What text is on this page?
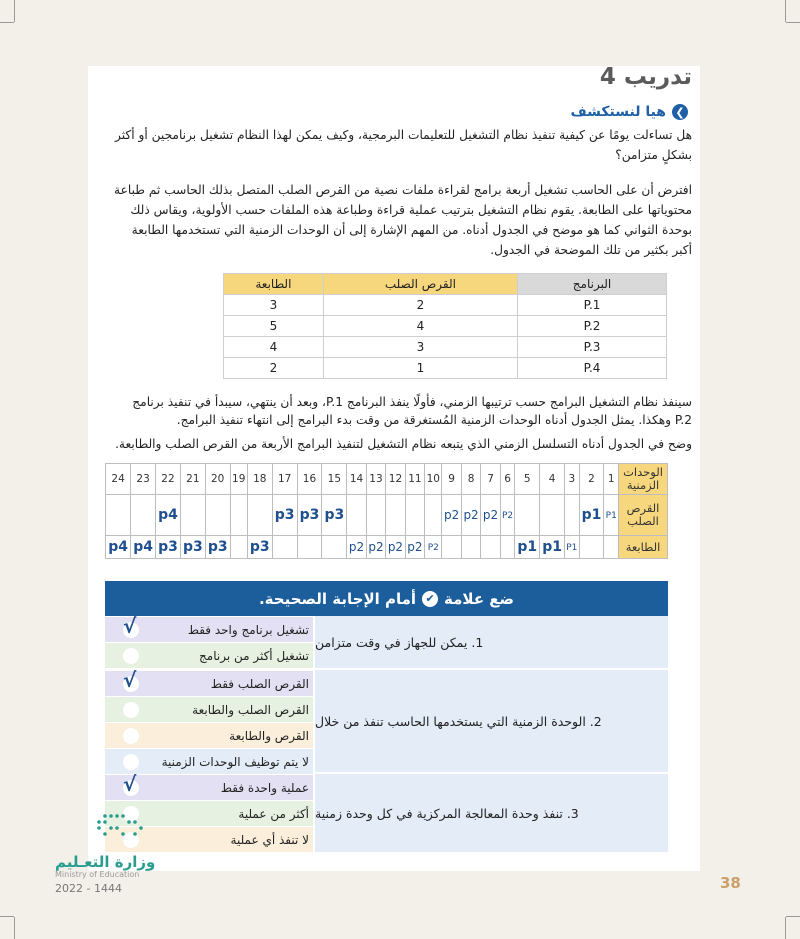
تدريب 4
❯
هيا لنستكشف
هل تساءلت يومًا عن كيفية تنفيذ نظام التشغيل للتعليمات البرمجية، وكيف يمكن لهذا النظام تشغيل برنامجين أو أكثر بشكلٍ متزامن؟
افترض أن على الحاسب تشغيل أربعة برامج لقراءة ملفات نصية من القرص الصلب المتصل بذلك الحاسب ثم طباعة محتوياتها على الطابعة. يقوم نظام التشغيل بترتيب عملية قراءة وطباعة هذه الملفات حسب الأولوية، ويقاس ذلك بوحدة الثواني كما هو موضح في الجدول أدناه. من المهم الإشارة إلى أن الوحدات الزمنية التي تستخدمها الطابعة أكبر بكثير من تلك الموضحة في الجدول.
البرنامج	القرص الصلب	الطابعة
P.1	2	3
P.2	4	5
P.3	3	4
P.4	1	2
سينفذ نظام التشغيل البرامج حسب ترتيبها الزمني، فأولًا ينفذ البرنامج P.1، وبعد أن ينتهي، سيبدأ في تنفيذ برنامج P.2 وهكذا. يمثل الجدول أدناه الوحدات الزمنية المُستغرقة من وقت بدء البرامج إلى انتهاء تنفيذ البرامج.
وضح في الجدول أدناه التسلسل الزمني الذي يتبعه نظام التشغيل لتنفيذ البرامج الأربعة من القرص الصلب والطابعة.
الوحدات الزمنية	1	2	3	4	5	6	7	8	9	10	11	12	13	14	15	16	17	18	19	20	21	22	23	24
القرص الصلب	P1	p1				P2	p2	p2	p2						p3	p3	p3					p4		
الطابعة			P1	p1	p1					P2	p2	p2	p2	p2				p3		p3	p3	p3	p4	p4
ضع علامة
✔
أمام الإجابة الصحيحة.
1. يمكن للجهاز في وقت متزامن
تشغيل برنامج واحد فقط
√
تشغيل أكثر من برنامج
2. الوحدة الزمنية التي يستخدمها الحاسب تنفذ من خلال
القرص الصلب فقط
√
القرص الصلب والطابعة
القرص والطابعة
لا يتم توظيف الوحدات الزمنية
3. تنفذ وحدة المعالجة المركزية في كل وحدة زمنية
عملية واحدة فقط
√
أكثر من عملية
لا تنفذ أي عملية
وزارة التعـليم
Ministry of Education
2022 - 1444	38
